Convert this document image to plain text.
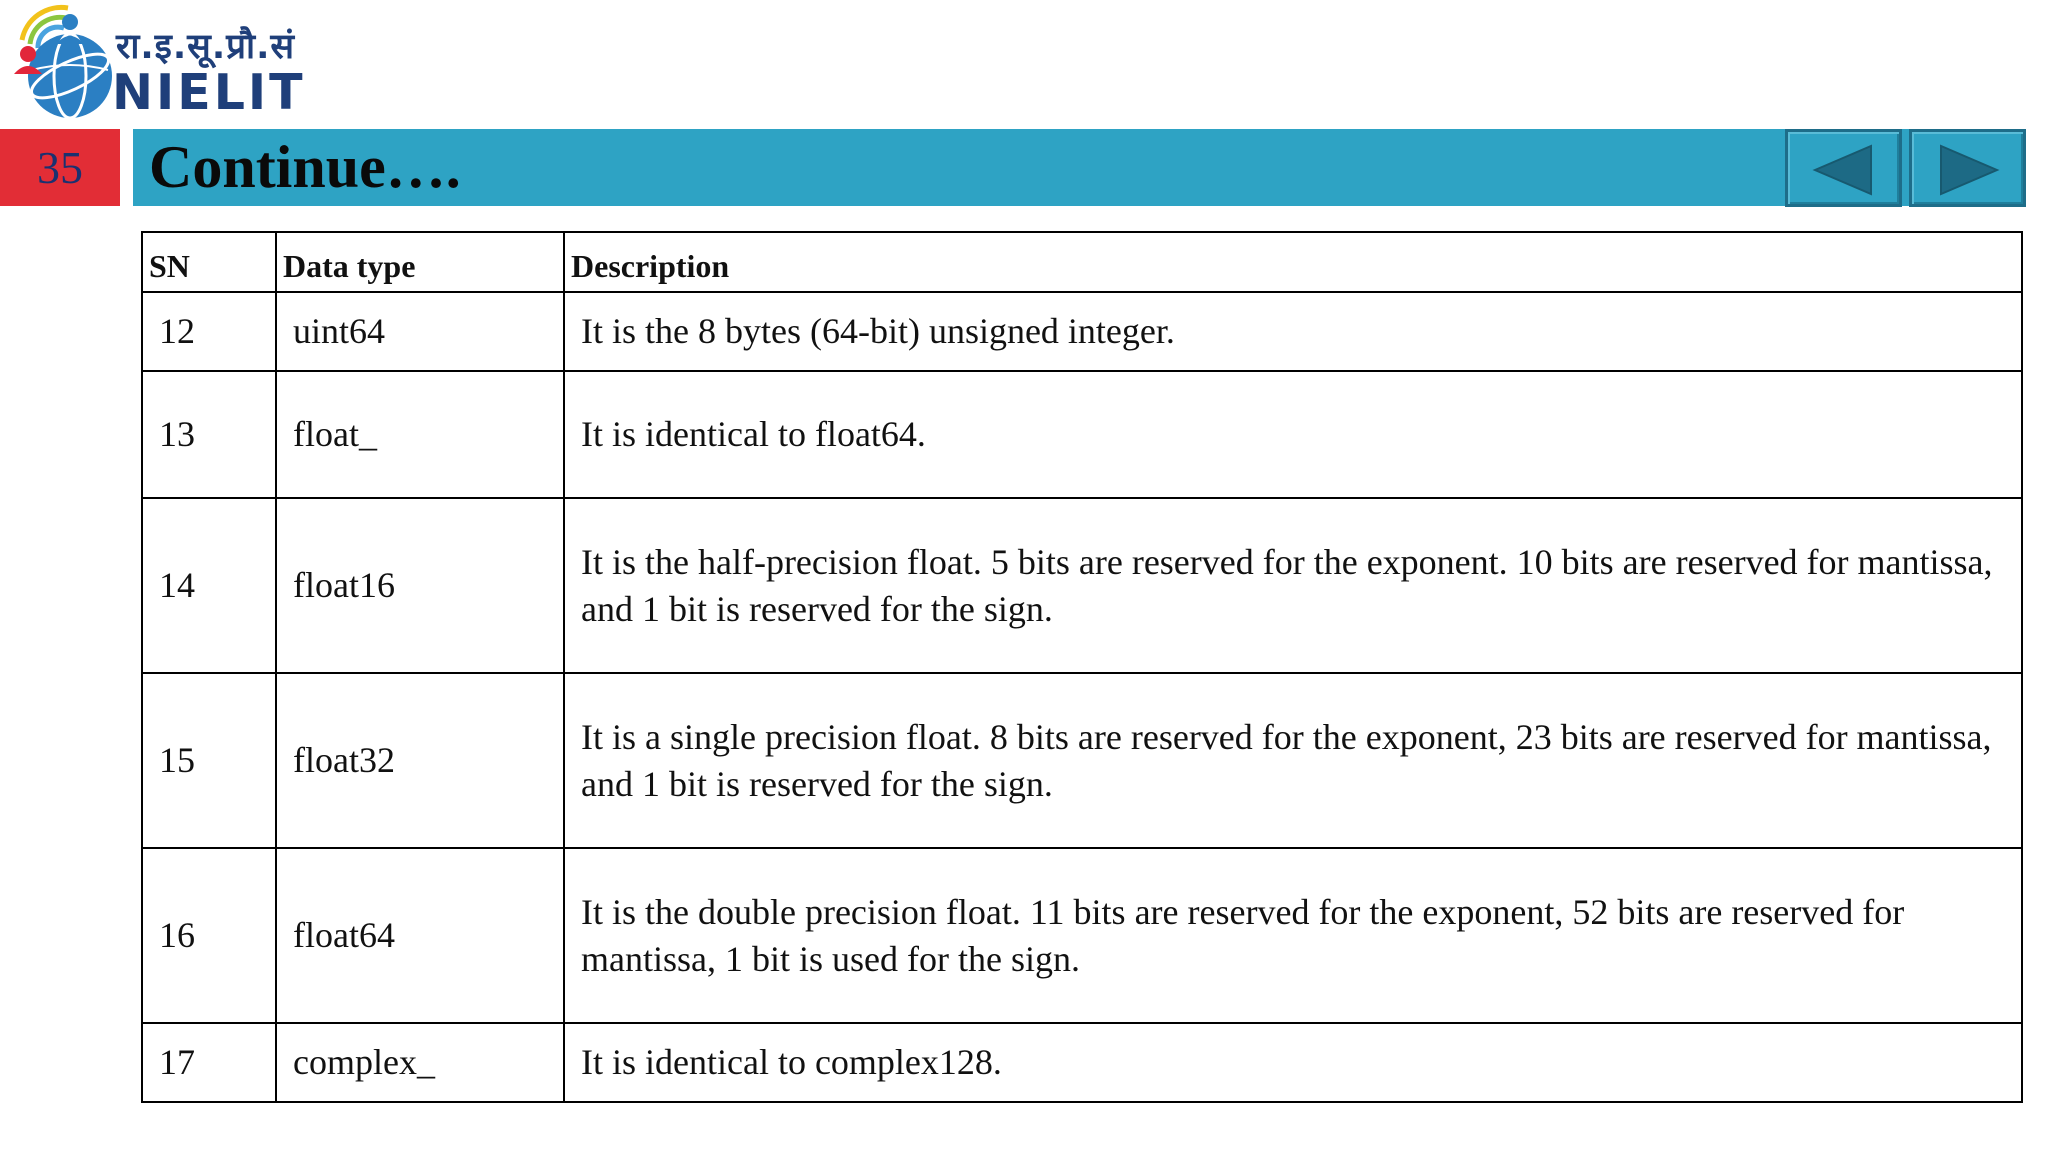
रा.इ.सू.प्रौ.सं
NIELIT
35	Continue….
SN	Data type	Description
12	uint64	It is the 8 bytes (64-bit) unsigned integer.
13	float_	It is identical to float64.
14	float16	It is the half-precision float. 5 bits are reserved for the exponent. 10 bits are reserved for mantissa, and 1 bit is reserved for the sign.
15	float32	It is a single precision float. 8 bits are reserved for the exponent, 23 bits are reserved for mantissa, and 1 bit is reserved for the sign.
16	float64	It is the double precision float. 11 bits are reserved for the exponent, 52 bits are reserved for mantissa, 1 bit is used for the sign.
17	complex_	It is identical to complex128.
